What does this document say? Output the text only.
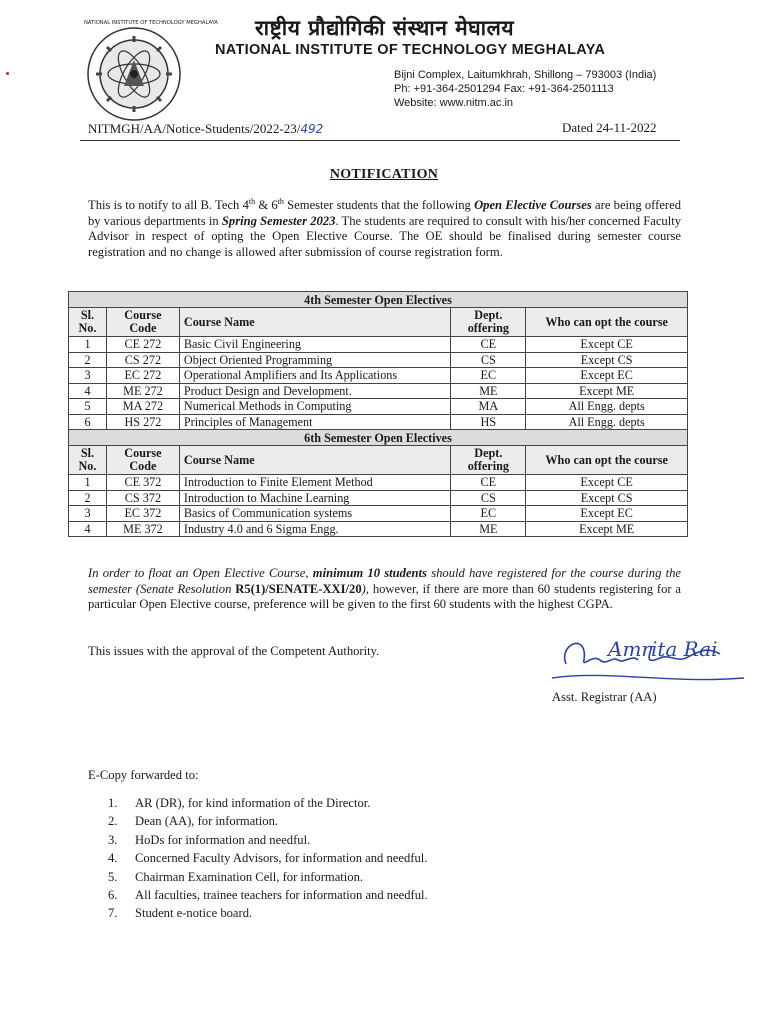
NATIONAL INSTITUTE OF TECHNOLOGY MEGHALAYA राष्ट्रीय प्रौद्योगिकी संस्थान मेघालय
NATIONAL INSTITUTE OF TECHNOLOGY MEGHALAYA
Bijni Complex, Laitumkhrah, Shillong – 793003 (India)
Ph: +91-364-2501294 Fax: +91-364-2501113
Website: www.nitm.ac.in
NITMGH/AA/Notice-Students/2022-23/492	Dated 24-11-2022
NOTIFICATION
This is to notify to all B. Tech 4th & 6th Semester students that the following Open Elective Courses are being offered by various departments in Spring Semester 2023. The students are required to consult with his/her concerned Faculty Advisor in respect of opting the Open Elective Course. The OE should be finalised during semester course registration and no change is allowed after submission of course registration form.
4th Semester Open Electives				
Sl. No.	Course Code	Course Name	Dept. offering	Who can opt the course
1	CE 272	Basic Civil Engineering	CE	Except CE
2	CS 272	Object Oriented Programming	CS	Except CS
3	EC 272	Operational Amplifiers and Its Applications	EC	Except EC
4	ME 272	Product Design and Development.	ME	Except ME
5	MA 272	Numerical Methods in Computing	MA	All Engg. depts
6	HS 272	Principles of Management	HS	All Engg. depts
6th Semester Open Electives				
Sl. No.	Course Code	Course Name	Dept. offering	Who can opt the course
1	CE 372	Introduction to Finite Element Method	CE	Except CE
2	CS 372	Introduction to Machine Learning	CS	Except CS
3	EC 372	Basics of Communication systems	EC	Except EC
4	ME 372	Industry 4.0 and 6 Sigma Engg.	ME	Except ME
In order to float an Open Elective Course, minimum 10 students should have registered for the course during the semester (Senate Resolution R5(1)/SENATE-XXI/20), however, if there are more than 60 students registering for a particular Open Elective course, preference will be given to the first 60 students with the highest CGPA.
This issues with the approval of the Competent Authority.	Amrita Rai
Asst. Registrar (AA)
E-Copy forwarded to:
1. AR (DR), for kind information of the Director.
2. Dean (AA), for information.
3. HoDs for information and needful.
4. Concerned Faculty Advisors, for information and needful.
5. Chairman Examination Cell, for information.
6. All faculties, trainee teachers for information and needful.
7. Student e-notice board.
